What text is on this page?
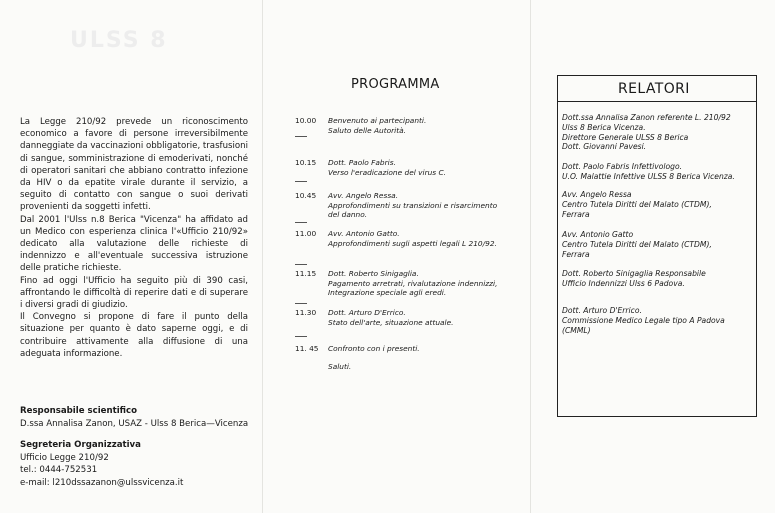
ULSS 8

La Legge 210/92 prevede un riconoscimento economico a favore di persone irreversibilmente danneggiate da vaccinazioni obbligatorie, trasfusioni di sangue, somministrazione di emoderivati, nonché di operatori sanitari che abbiano contratto infezione da HIV o da epatite virale durante il servizio, a seguito di contatto con sangue o suoi derivati provenienti da soggetti infetti.

Dal 2001 l'Ulss n.8 Berica "Vicenza" ha affidato ad un Medico con esperienza clinica l'«Ufficio 210/92» dedicato alla valutazione delle richieste di indennizzo e all'eventuale successiva istruzione delle pratiche richieste.

Fino ad oggi l'Ufficio ha seguito più di 390 casi, affrontando le difficoltà di reperire dati e di superare i diversi gradi di giudizio.

Il Convegno si propone di fare il punto della situazione per quanto è dato saperne oggi, e di contribuire attivamente alla diffusione di una adeguata informazione.

Responsabile scientifico
D.ssa Annalisa Zanon, USAZ - Ulss 8 Berica—Vicenza
Segreteria Organizzativa
Ufficio Legge 210/92
tel.: 0444-752531
e-mail: l210dssazanon@ulssvicenza.it
PROGRAMMA
10.00	Benvenuto ai partecipanti.
Saluto delle Autorità.
10.15	Dott. Paolo Fabris.
Verso l'eradicazione del virus C.
10.45	Avv. Angelo Ressa.
Approfondimenti su transizioni e risarcimento
del danno.
11.00	Avv. Antonio Gatto.
Approfondimenti sugli aspetti legali L 210/92.
11.15	Dott. Roberto Sinigaglia.
Pagamento arretrati, rivalutazione indennizzi,
Integrazione speciale agli eredi.
11.30	Dott. Arturo D'Errico.
Stato dell'arte, situazione attuale.
11. 45	Confronto con i presenti.
Saluti.
RELATORI
Dott.ssa Annalisa Zanon referente L. 210/92
Ulss 8 Berica Vicenza.
Direttore Generale ULSS 8 Berica
Dott. Giovanni Pavesi.
Dott. Paolo Fabris Infettivologo.
U.O. Malattie Infettive ULSS 8 Berica Vicenza.
Avv. Angelo Ressa
Centro Tutela Diritti del Malato (CTDM),
Ferrara
Avv. Antonio Gatto
Centro Tutela Diritti del Malato (CTDM),
Ferrara
Dott. Roberto Sinigaglia Responsabile
Ufficio Indennizzi Ulss 6 Padova.
Dott. Arturo D'Errico.
Commissione Medico Legale tipo A Padova
(CMML)
